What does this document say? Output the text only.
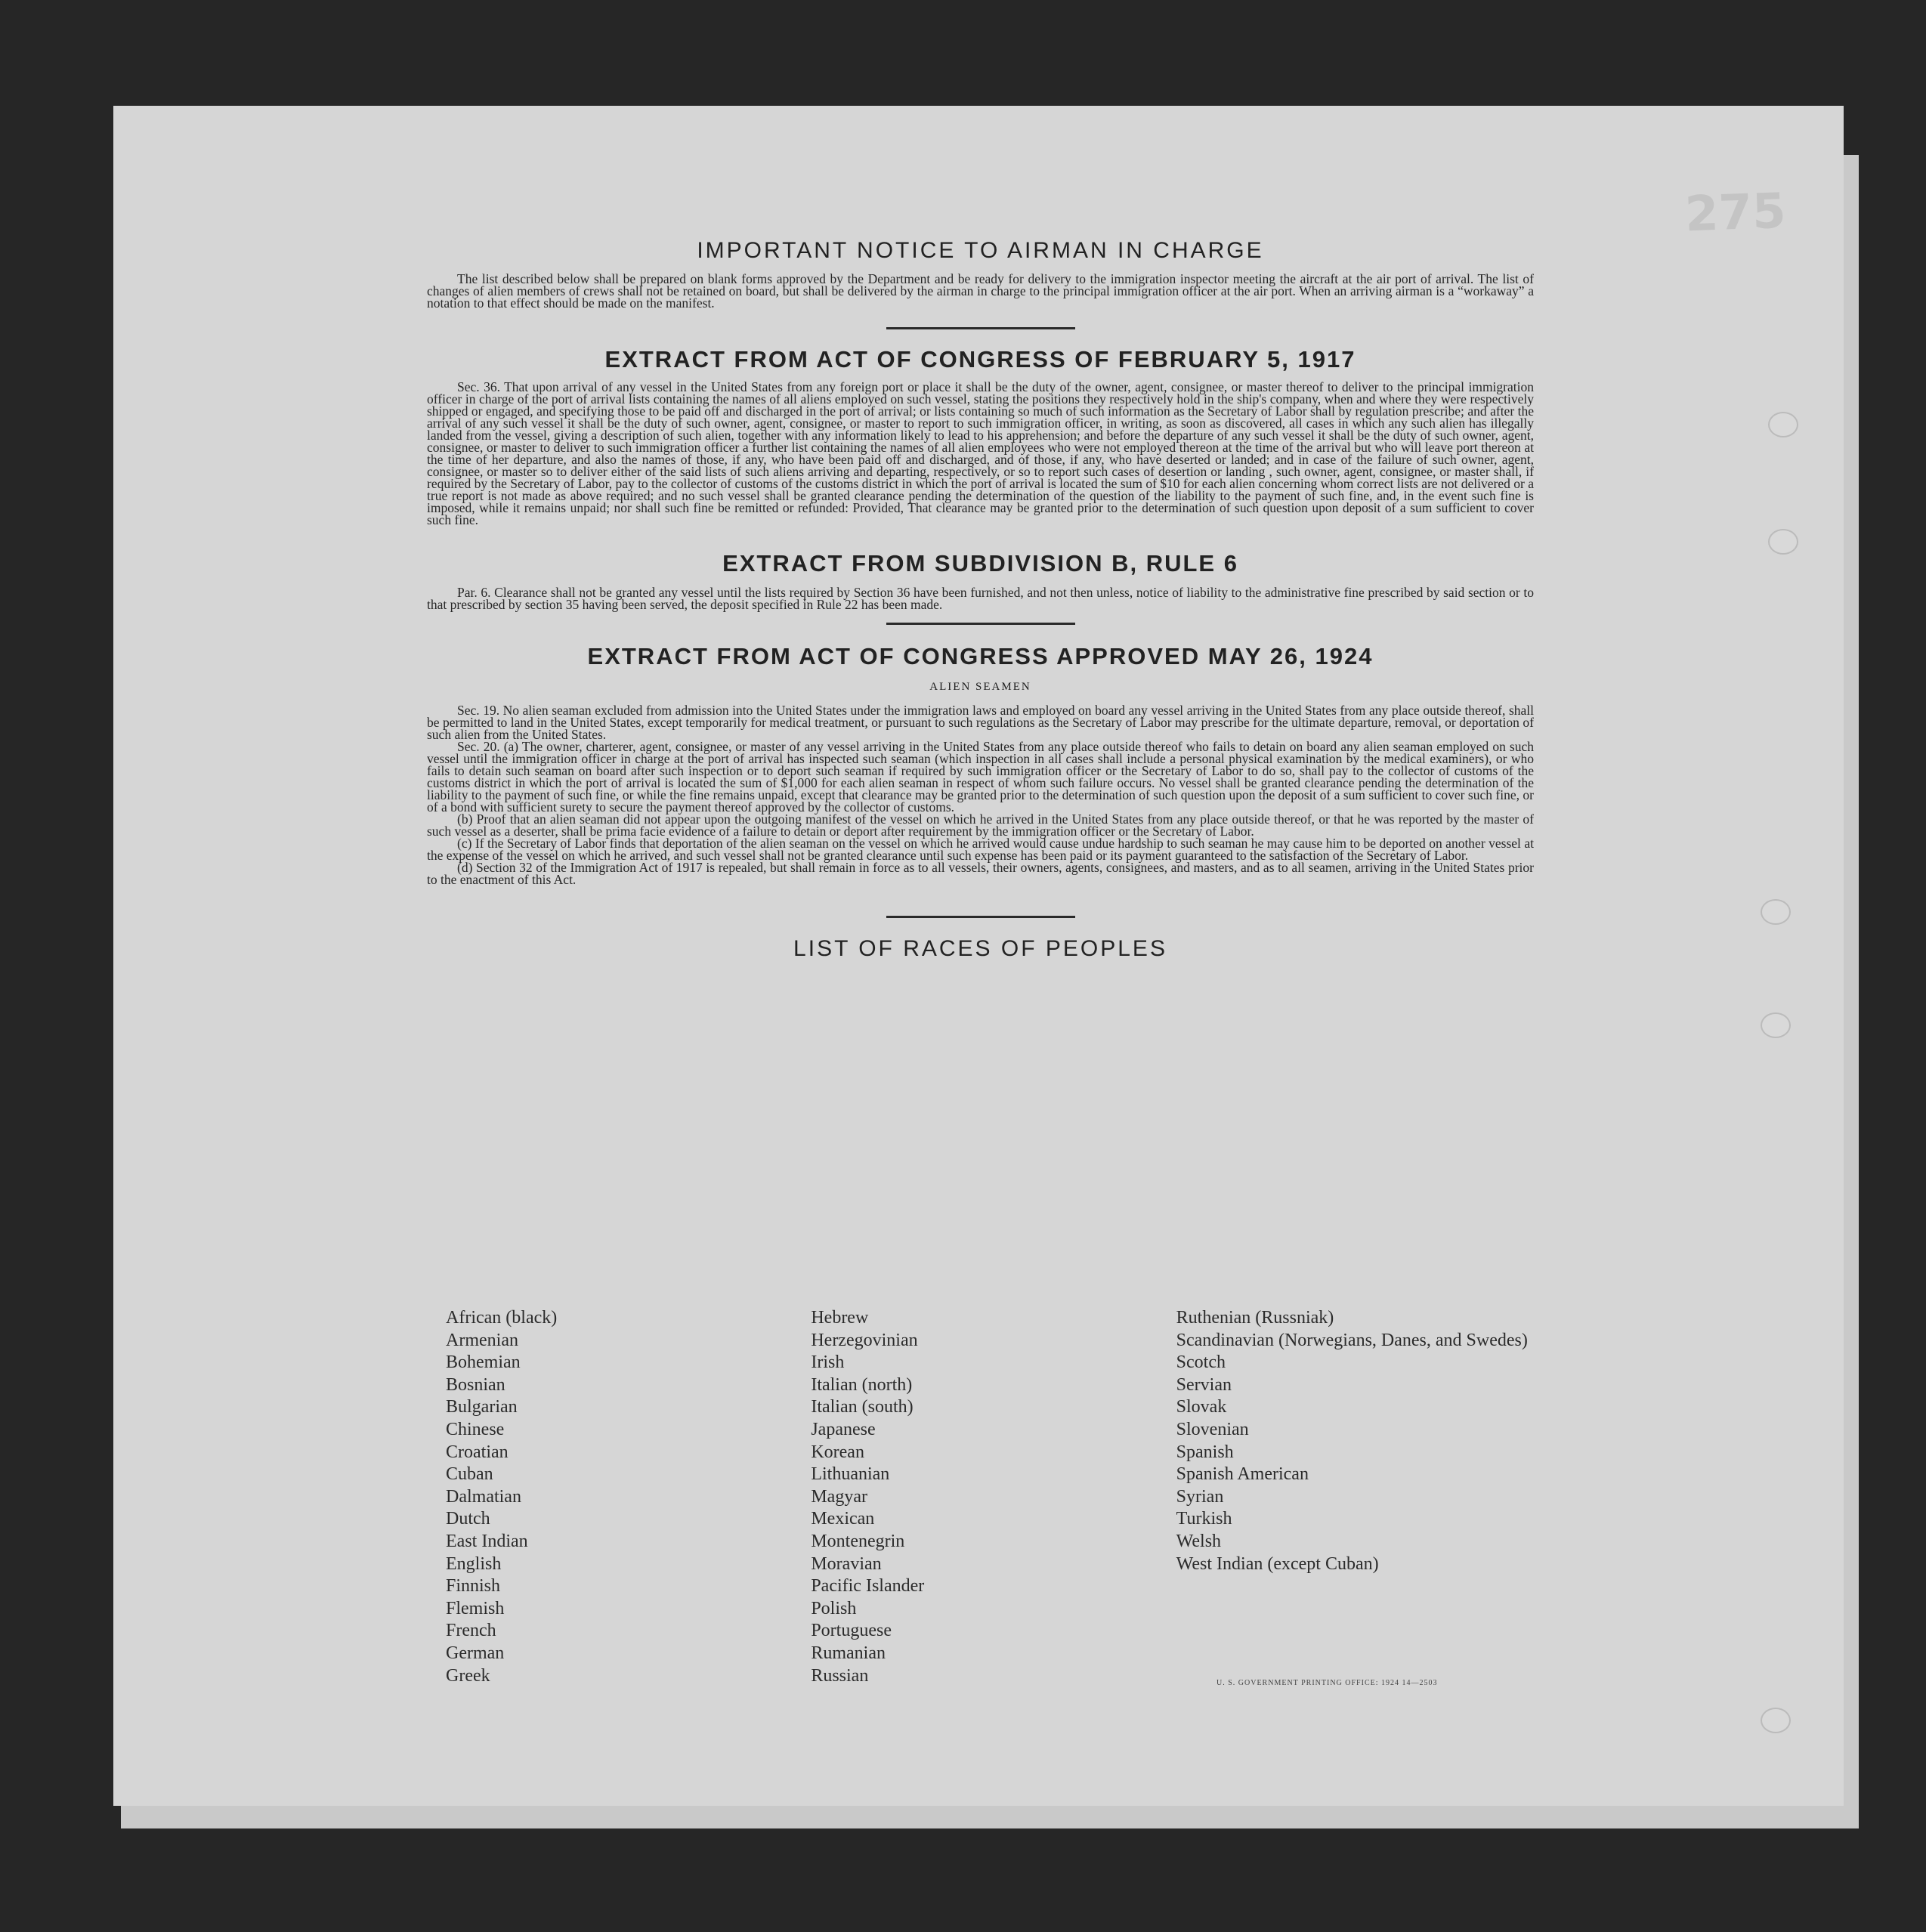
275
IMPORTANT NOTICE TO AIRMAN IN CHARGE

The list described below shall be prepared on blank forms approved by the Department and be ready for delivery to the immigration inspector meeting the aircraft at the air port of arrival. The list of changes of alien members of crews shall not be retained on board, but shall be delivered by the airman in charge to the principal immigration officer at the air port. When an arriving airman is a “workaway” a notation to that effect should be made on the manifest.

EXTRACT FROM ACT OF CONGRESS OF FEBRUARY 5, 1917

Sec. 36. That upon arrival of any vessel in the United States from any foreign port or place it shall be the duty of the owner, agent, consignee, or master thereof to deliver to the principal immigration officer in charge of the port of arrival lists containing the names of all aliens employed on such vessel, stating the positions they respectively hold in the ship's company, when and where they were respectively shipped or engaged, and specifying those to be paid off and discharged in the port of arrival; or lists containing so much of such information as the Secretary of Labor shall by regulation prescribe; and after the arrival of any such vessel it shall be the duty of such owner, agent, consignee, or master to report to such immigration officer, in writing, as soon as discovered, all cases in which any such alien has illegally landed from the vessel, giving a description of such alien, together with any information likely to lead to his apprehension; and before the departure of any such vessel it shall be the duty of such owner, agent, consignee, or master to deliver to such immigration officer a further list containing the names of all alien employees who were not employed thereon at the time of the arrival but who will leave port thereon at the time of her departure, and also the names of those, if any, who have been paid off and discharged, and of those, if any, who have deserted or landed; and in case of the failure of such owner, agent, consignee, or master so to deliver either of the said lists of such aliens arriving and departing, respectively, or so to report such cases of desertion or landing , such owner, agent, consignee, or master shall, if required by the Secretary of Labor, pay to the collector of customs of the customs district in which the port of arrival is located the sum of $10 for each alien concerning whom correct lists are not delivered or a true report is not made as above required; and no such vessel shall be granted clearance pending the determination of the question of the liability to the payment of such fine, and, in the event such fine is imposed, while it remains unpaid; nor shall such fine be remitted or refunded: Provided, That clearance may be granted prior to the determination of such question upon deposit of a sum sufficient to cover such fine.

EXTRACT FROM SUBDIVISION B, RULE 6

Par. 6. Clearance shall not be granted any vessel until the lists required by Section 36 have been furnished, and not then unless, notice of liability to the administrative fine prescribed by said section or to that prescribed by section 35 having been served, the deposit specified in Rule 22 has been made.

EXTRACT FROM ACT OF CONGRESS APPROVED MAY 26, 1924

ALIEN SEAMEN

Sec. 19. No alien seaman excluded from admission into the United States under the immigration laws and employed on board any vessel arriving in the United States from any place outside thereof, shall be permitted to land in the United States, except temporarily for medical treatment, or pursuant to such regulations as the Secretary of Labor may prescribe for the ultimate departure, removal, or deportation of such alien from the United States.

Sec. 20. (a) The owner, charterer, agent, consignee, or master of any vessel arriving in the United States from any place outside thereof who fails to detain on board any alien seaman employed on such vessel until the immigration officer in charge at the port of arrival has inspected such seaman (which inspection in all cases shall include a personal physical examination by the medical examiners), or who fails to detain such seaman on board after such inspection or to deport such seaman if required by such immigration officer or the Secretary of Labor to do so, shall pay to the collector of customs of the customs district in which the port of arrival is located the sum of $1,000 for each alien seaman in respect of whom such failure occurs. No vessel shall be granted clearance pending the determination of the liability to the payment of such fine, or while the fine remains unpaid, except that clearance may be granted prior to the determination of such question upon the deposit of a sum sufficient to cover such fine, or of a bond with sufficient surety to secure the payment thereof approved by the collector of customs.

(b) Proof that an alien seaman did not appear upon the outgoing manifest of the vessel on which he arrived in the United States from any place outside thereof, or that he was reported by the master of such vessel as a deserter, shall be prima facie evidence of a failure to detain or deport after requirement by the immigration officer or the Secretary of Labor.

(c) If the Secretary of Labor finds that deportation of the alien seaman on the vessel on which he arrived would cause undue hardship to such seaman he may cause him to be deported on another vessel at the expense of the vessel on which he arrived, and such vessel shall not be granted clearance until such expense has been paid or its payment guaranteed to the satisfaction of the Secretary of Labor.

(d) Section 32 of the Immigration Act of 1917 is repealed, but shall remain in force as to all vessels, their owners, agents, consignees, and masters, and as to all seamen, arriving in the United States prior to the enactment of this Act.

LIST OF RACES OF PEOPLES
African (black)
Armenian
Bohemian
Bosnian
Bulgarian
Chinese
Croatian
Cuban
Dalmatian
Dutch
East Indian
English
Finnish
Flemish
French
German
Greek
Hebrew
Herzegovinian
Irish
Italian (north)
Italian (south)
Japanese
Korean
Lithuanian
Magyar
Mexican
Montenegrin
Moravian
Pacific Islander
Polish
Portuguese
Rumanian
Russian
Ruthenian (Russniak)
Scandinavian (Norwegians, Danes, and Swedes)
Scotch
Servian
Slovak
Slovenian
Spanish
Spanish American
Syrian
Turkish
Welsh
West Indian (except Cuban)
U. S. GOVERNMENT PRINTING OFFICE: 1924 14—2503
